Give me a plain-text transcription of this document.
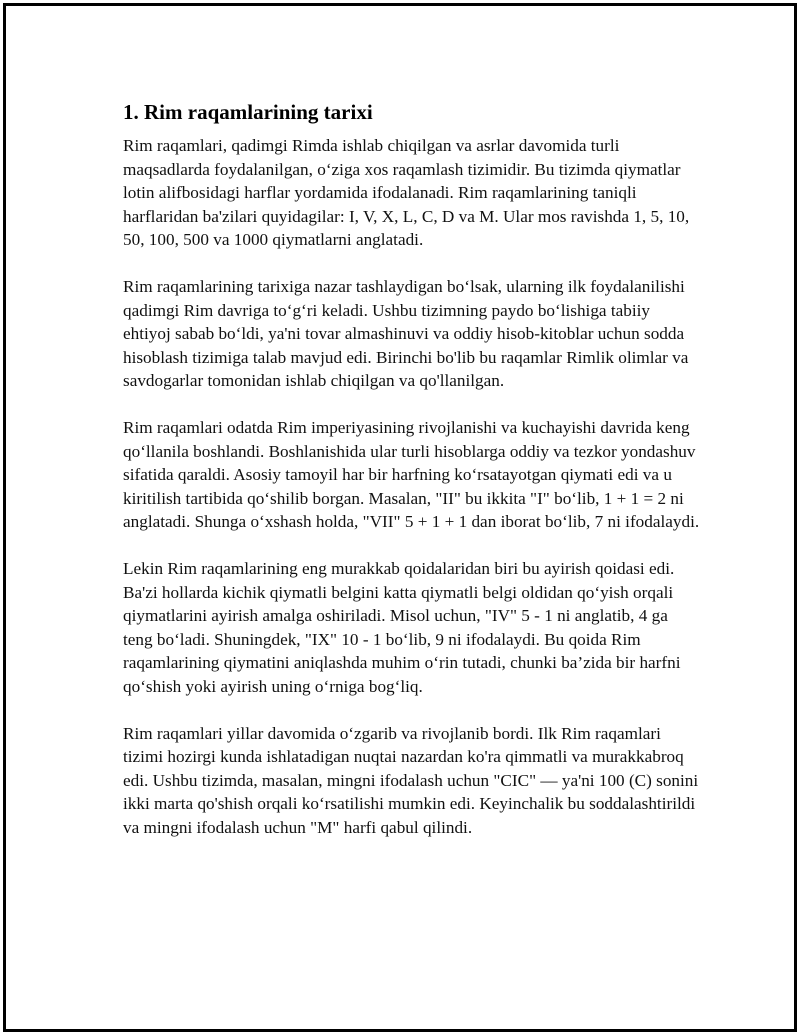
1. Rim raqamlarining tarixi

Rim raqamlari, qadimgi Rimda ishlab chiqilgan va asrlar davomida turli maqsadlarda foydalanilgan, o‘ziga xos raqamlash tizimidir. Bu tizimda qiymatlar lotin alifbosidagi harflar yordamida ifodalanadi. Rim raqamlarining taniqli harflaridan ba'zilari quyidagilar: I, V, X, L, C, D va M. Ular mos ravishda 1, 5, 10, 50, 100, 500 va 1000 qiymatlarni anglatadi.

Rim raqamlarining tarixiga nazar tashlaydigan bo‘lsak, ularning ilk foydalanilishi qadimgi Rim davriga to‘g‘ri keladi. Ushbu tizimning paydo bo‘lishiga tabiiy ehtiyoj sabab bo‘ldi, ya'ni tovar almashinuvi va oddiy hisob-kitoblar uchun sodda hisoblash tizimiga talab mavjud edi. Birinchi bo'lib bu raqamlar Rimlik olimlar va savdogarlar tomonidan ishlab chiqilgan va qo'llanilgan.

Rim raqamlari odatda Rim imperiyasining rivojlanishi va kuchayishi davrida keng qo‘llanila boshlandi. Boshlanishida ular turli hisoblarga oddiy va tezkor yondashuv sifatida qaraldi. Asosiy tamoyil har bir harfning ko‘rsatayotgan qiymati edi va u kiritilish tartibida qo‘shilib borgan. Masalan, "II" bu ikkita "I" bo‘lib, 1 + 1 = 2 ni anglatadi. Shunga o‘xshash holda, "VII" 5 + 1 + 1 dan iborat bo‘lib, 7 ni ifodalaydi.

Lekin Rim raqamlarining eng murakkab qoidalaridan biri bu ayirish qoidasi edi. Ba'zi hollarda kichik qiymatli belgini katta qiymatli belgi oldidan qo‘yish orqali qiymatlarini ayirish amalga oshiriladi. Misol uchun, "IV" 5 - 1 ni anglatib, 4 ga teng bo‘ladi. Shuningdek, "IX" 10 - 1 bo‘lib, 9 ni ifodalaydi. Bu qoida Rim raqamlarining qiymatini aniqlashda muhim o‘rin tutadi, chunki ba’zida bir harfni qo‘shish yoki ayirish uning o‘rniga bog‘liq.

Rim raqamlari yillar davomida o‘zgarib va rivojlanib bordi. Ilk Rim raqamlari tizimi hozirgi kunda ishlatadigan nuqtai nazardan ko'ra qimmatli va murakkabroq edi. Ushbu tizimda, masalan, mingni ifodalash uchun "CIC" — ya'ni 100 (C) sonini ikki marta qo'shish orqali ko‘rsatilishi mumkin edi. Keyinchalik bu soddalashtirildi va mingni ifodalash uchun "M" harfi qabul qilindi.
